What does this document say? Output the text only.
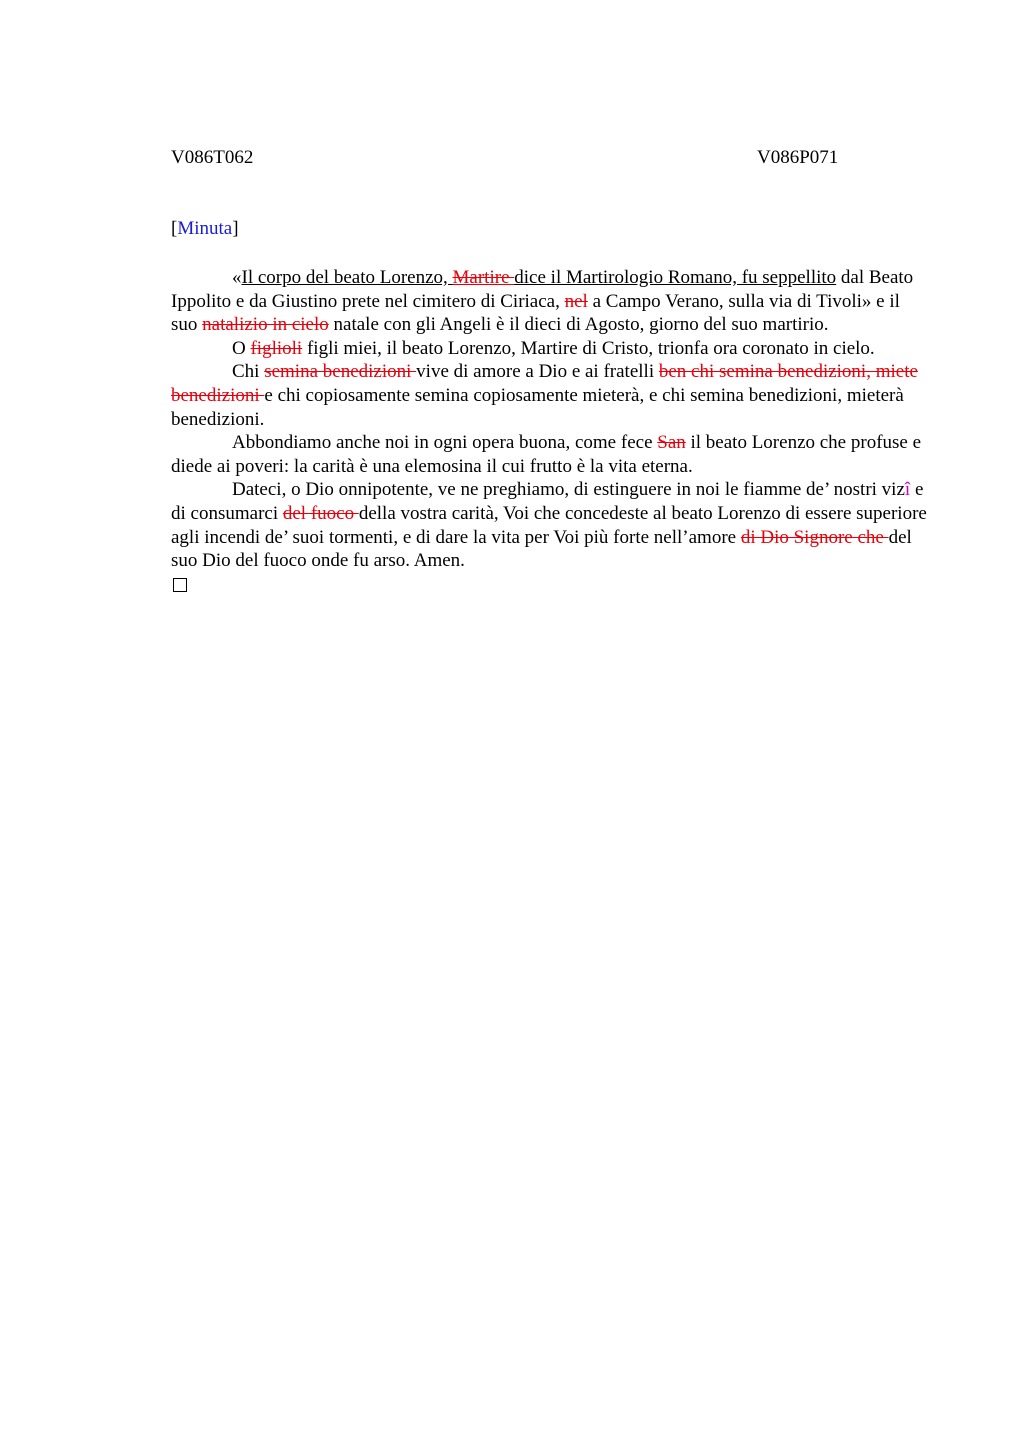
V086T062	V086P071
[Minuta]

«Il corpo del beato Lorenzo, Martire dice il Martirologio Romano, fu seppellito dal Beato Ippolito e da Giustino prete nel cimitero di Ciriaca, nel a Campo Verano, sulla via di Tivoli» e il suo natalizio in cielo natale con gli Angeli è il dieci di Agosto, giorno del suo martirio.

O figlioli figli miei, il beato Lorenzo, Martire di Cristo, trionfa ora coronato in cielo.

Chi semina benedizioni vive di amore a Dio e ai fratelli ben chi semina benedizioni, miete benedizioni e chi copiosamente semina copiosamente mieterà, e chi semina benedizioni, mieterà benedizioni.

Abbondiamo anche noi in ogni opera buona, come fece San il beato Lorenzo che profuse e diede ai poveri: la carità è una elemosina il cui frutto è la vita eterna.

Dateci, o Dio onnipotente, ve ne preghiamo, di estinguere in noi le fiamme de’ nostri vizî e di consumarci del fuoco della vostra carità, Voi che concedeste al beato Lorenzo di essere superiore agli incendi de’ suoi tormenti, e di dare la vita per Voi più forte nell’amore di Dio Signore che del suo Dio del fuoco onde fu arso. Amen.
